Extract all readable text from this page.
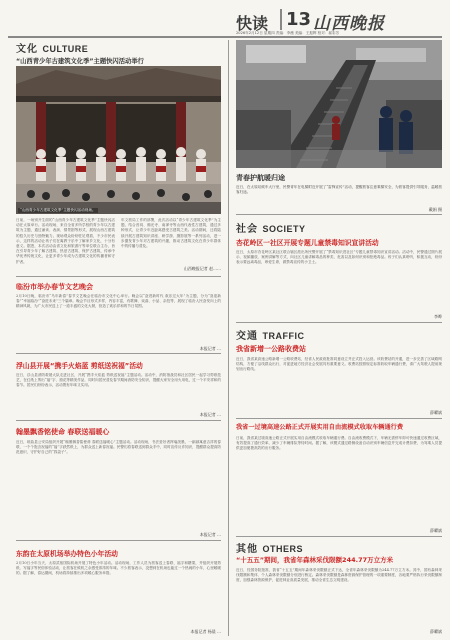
快读 13 山西晚报
2026年2月12日 星期四 责编：李薇 美编：王振辉 校对：郝彩芳
文化 CULTURE
“山西青少年古建筑文化季”主题快闪活动举行
“山西青少年古建筑文化季”主题快闪活动现场。
日前，一场别开生面的“山西青少年古建筑文化季”主题快闪活动在太原举行。活动现场，来自全省多所学校的青少年以古建筑为主题，通过诵读、表演、情景剧等形式，展现山西古建筑的悠久历史与独特魅力。现场观众纷纷驻足观看，不少市民表示，这样的活动让孩子们在寓教于乐中了解家乡文化，十分有意义。据悉，本次活动由省文化和旅游厅等单位联合主办，旨在引导青少年了解古建筑、热爱古建筑、保护古建筑，传承中华优秀传统文化，让更多青少年成为古建筑文化的传播者和守护者。
年文旅局工作的部署，此次活动以“青少年古建筑文化季”为主题，结合晋祠、佛光寺、南禅寺等山西代表性古建筑，通过多种形式，让青少年近距离感受古建筑之美。活动期间，还将陆续开展古建筑知识讲座、研学游、摄影展等一系列活动，进一步激发青少年对古建筑的兴趣，推动古建筑文化在青少年群体中的传播与普及。
山西晚报记者 赵……
临汾市举办春节文艺晚会
2月10日晚，临汾市“马年新春”春节文艺晚会在临汾市文化中心举行。晚会以“奋进新时代 欢乐过大年”为主题，分为“喜迎新春”“幸福临汾”“奋进未来”三个篇章。晚会节目形式多样，内容丰富，有歌舞、戏曲、小品、杂技等，展现了临汾人民奋发向上的精神风貌，为广大市民送上了一道丰盛的文化大餐，营造了欢乐祥和的节日氛围。
本报记者 …
浮山县开展“携手火焰蓝 剪纸送祝福”活动
近日，浮山县消防救援大队走进社区，开展“携手火焰蓝 剪纸送祝福”主题活动。活动中，消防指战员和社区居民一起学习剪纸技艺，在红纸上剪出“福”字、窗花等精美作品，同时向居民普及春节期间消防安全知识，提醒大家安全用火用电，过一个平安祥和的春节。居民们纷纷表示，活动既有年味又实用。
本报记者 …
翰墨飘香铭使命 春联送福暖心
近日，垣曲县公安局组织开展“翰墨飘香铭使命 春联送福暖心”主题活动。活动现场，书法爱好者挥毫泼墨，一副副寓意吉祥的春联、一个个饱含祝福的“福”字跃然纸上，为群众送上新春祝福。民警们将春联送到群众手中，同时宣传反诈知识，提醒群众提高防范意识，守护好自己的“钱袋子”。
本报记者 …
东韵在太原机场举办特色小年活动
2月10日小年当天，太原武宿国际机场开展了特色小年活动。活动现场，工作人员为旅客送上春联、福字和糖果，并组织开展剪纸、写福字等民俗体验活动，让旅客在候机之余感受浓浓的年味。不少旅客表示，没想到在机场也能过一个热闹的小年，心里暖暖的。据了解，春运期间，机场将持续推出多项暖心服务举措。
本报记者 杨晨 …
青春护航暖归途
近日，在太原站候车大厅里，民警青年在电梯附近开展了“雷锋宣传”活动，提醒旅客注意乘梯安全，为旅客提供引导服务，温暖旅客归途。
戴娟 摄
社会 SOCIETY
杏花岭区一社区开展专题儿童禁毒知识宣讲活动
近日，太原市杏花岭区某社区联合辖区派出所民警开展了“禁毒知识进社区”专题儿童禁毒知识宣讲活动。活动中，民警通过图片展示、视频播放、案例讲解等方式，向社区儿童讲解毒品的种类、危害以及如何识别和拒绝毒品。孩子们认真聆听，积极互动，纷纷表示要远离毒品，珍爱生命，做禁毒宣传的小卫士。
李晔
交通 TRAFFIC
我省新增一公路收费站
近日，我省某高速公路新增一公路收费站，经省人民政府批准同意设立并正式投入运营。该收费站的开通，进一步完善了区域路网结构，方便了沿线群众出行，对促进地方经济社会发展具有重要意义。收费站按照规定标准收取车辆通行费，请广大驾驶人提前规划出行路线。
薛曜斌
我省一过境高速公路正式开展实用自由流模式收取车辆通行费
日前，我省某过境高速公路正式开展实用自由流模式收取车辆通行费。自由流收费模式下，车辆无需停车即可快速通过收费区域，有效提高了通行效率，减少了车辆排队等待时间。据了解，该模式通过路侧设备自动识别车辆信息并完成计费扣费，为驾乘人员提供更加便捷高效的出行服务。
薛曜斌
其他 OTHERS
“十五五”期间，我省年森林采伐限额244.77万立方米
近日，经国务院批准，我省“十五五”期间年森林采伐限额正式下达，全省年森林采伐限额为244.77万立方米。其中，国有森林采伐限额和集体、个人森林采伐限额分别进行核定。森林采伐限额是森林资源保护管理的一项重要制度，各地要严格执行采伐限额制度，加强森林资源保护，促进林业高质量发展，推动全省生态文明建设。
薛曜斌
